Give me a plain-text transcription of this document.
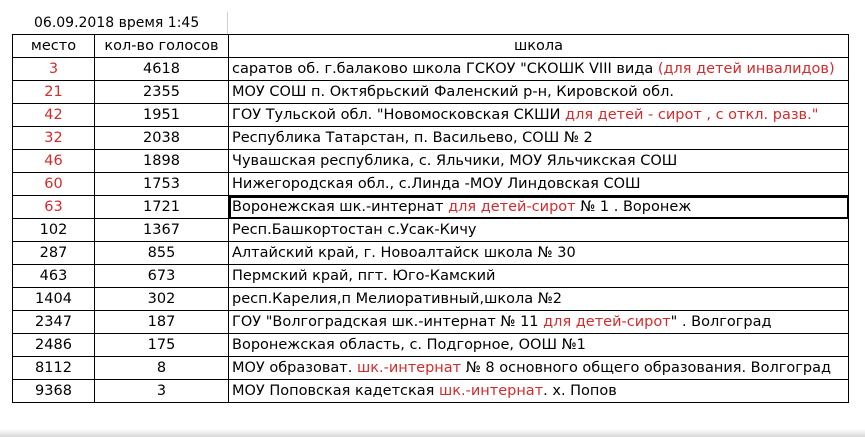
06.09.2018 время 1:45
место	кол-во голосов	школа
3	4618	саратов об. г.балаково школа ГСКОУ "СКОШК VIII вида (для детей инвалидов)
21	2355	МОУ СОШ п. Октябрьский Фаленский р-н, Кировской обл.
42	1951	ГОУ Тульской обл. "Новомосковская СКШИ для детей - сирот , с откл. разв."
32	2038	Республика Татарстан, п. Васильево, СОШ № 2
46	1898	Чувашская республика, с. Яльчики, МОУ Яльчикская СОШ
60	1753	Нижегородская обл., с.Линда -МОУ Линдовская СОШ
63	1721	Воронежская шк.-интернат для детей-сирот № 1 . Воронеж
102	1367	Респ.Башкортостан с.Усак-Кичу
287	855	Алтайский край, г. Новоалтайск школа № 30
463	673	Пермский край, пгт. Юго-Камский
1404	302	респ.Карелия,п Мелиоративный,школа №2
2347	187	ГОУ "Волгоградская шк.-интернат № 11 для детей-сирот" . Волгоград
2486	175	Воронежская область, с. Подгорное, ООШ №1
8112	8	МОУ образоват. шк.-интернат № 8 основного общего образования. Волгоград
9368	3	МОУ Поповская кадетская шк.-интернат. х. Попов
